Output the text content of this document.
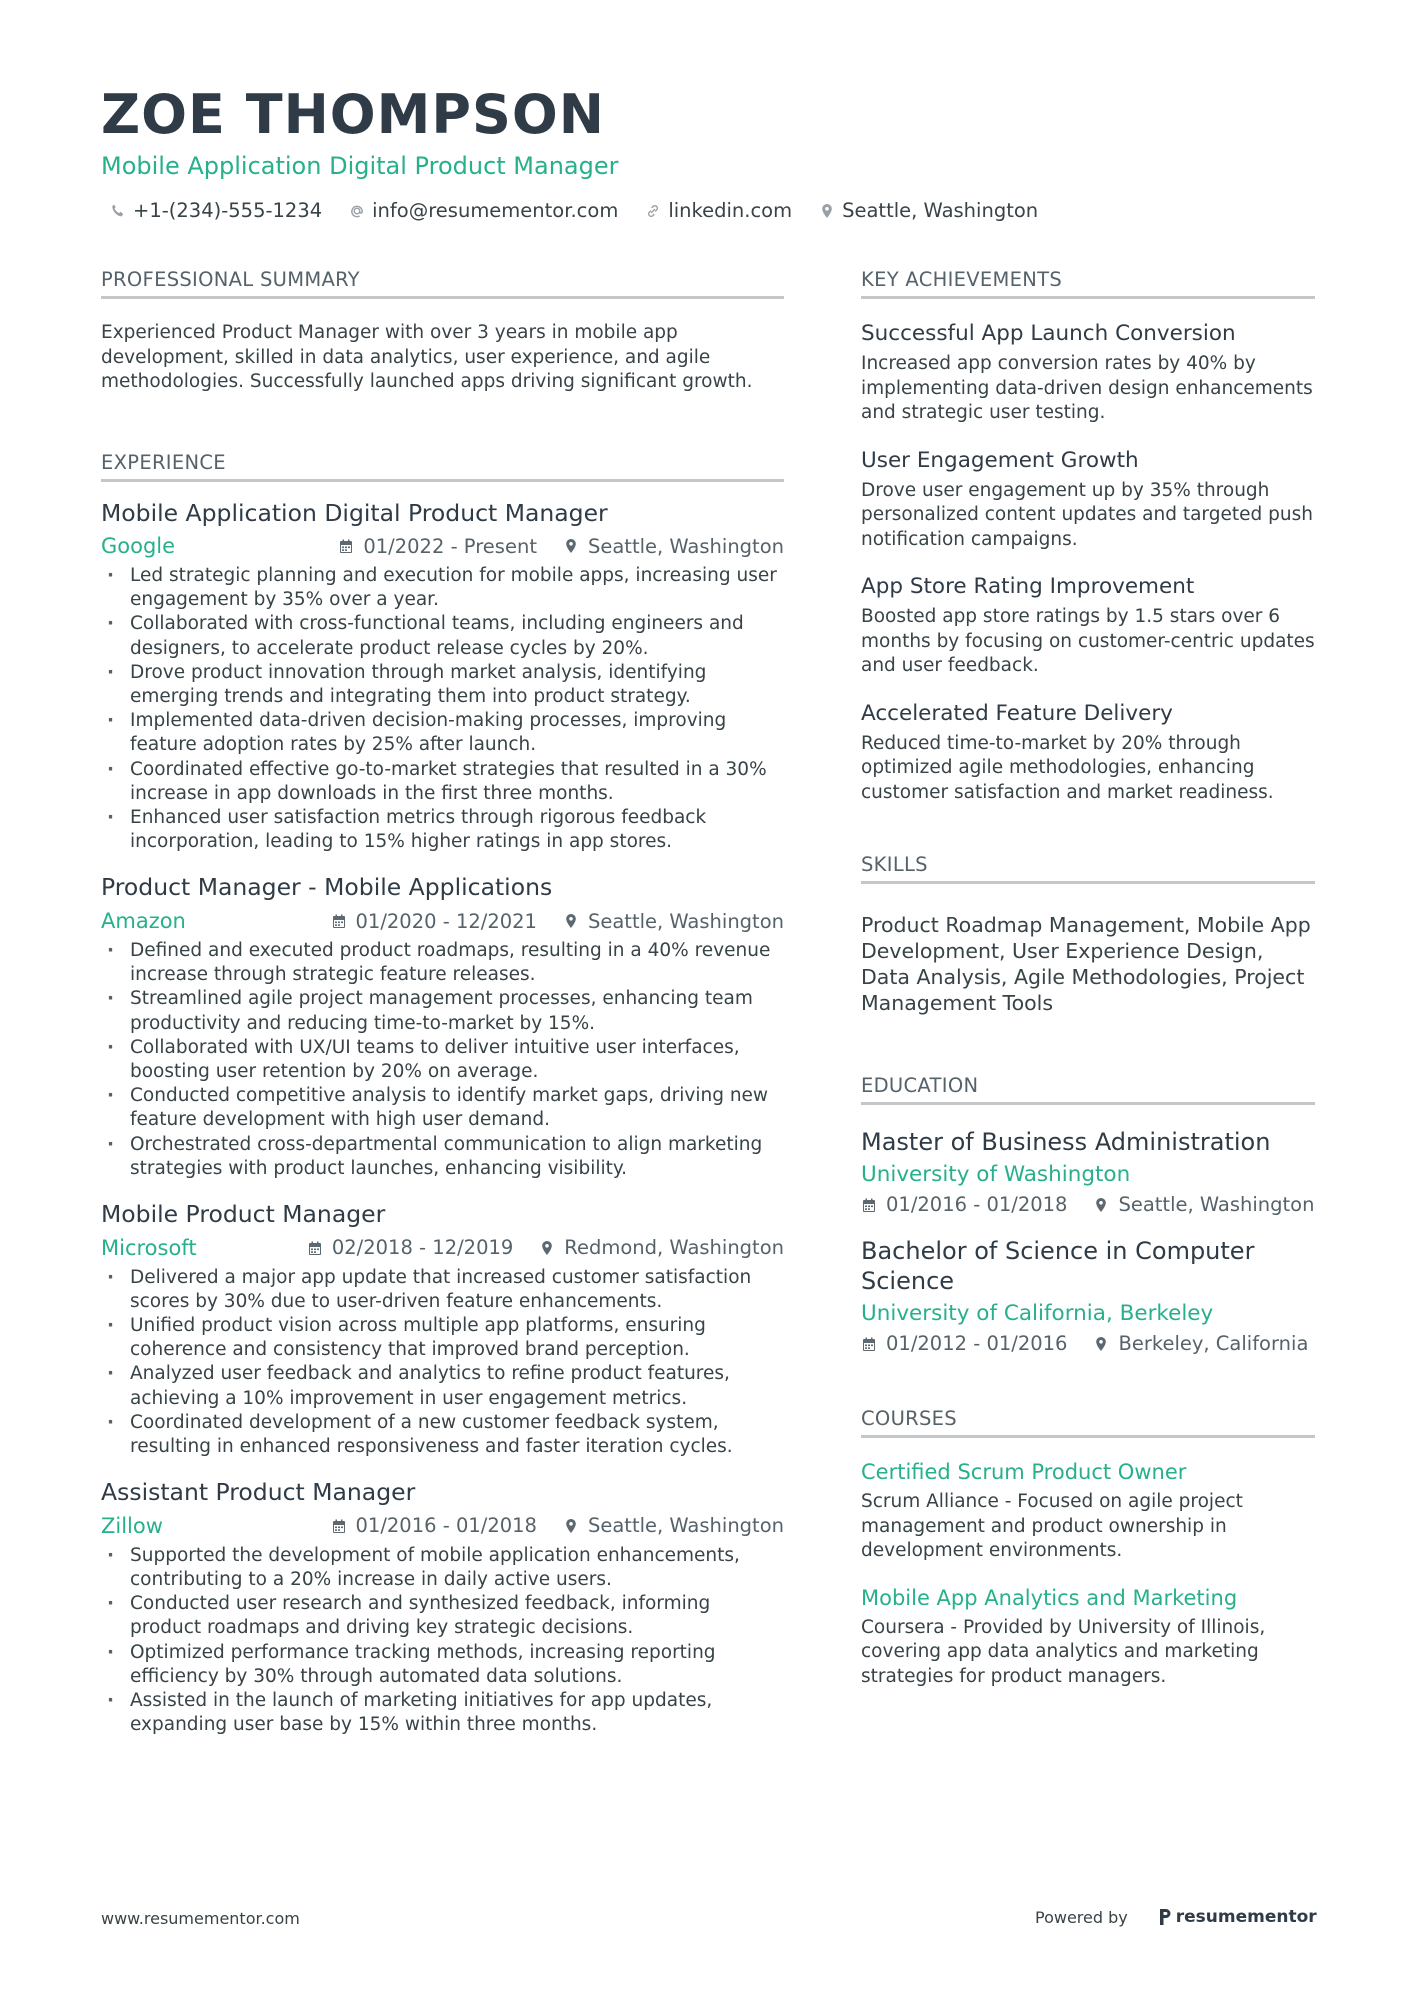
ZOE THOMPSON
Mobile Application Digital Product Manager
+1-(234)-555-1234	info@resumementor.com	linkedin.com	Seattle, Washington
PROFESSIONAL SUMMARY

Experienced Product Manager with over 3 years in mobile app development, skilled in data analytics, user experience, and agile methodologies. Successfully launched apps driving significant growth.

EXPERIENCE
Mobile Application Digital Product Manager
Google	01/2022 - Present	Seattle, Washington
· Led strategic planning and execution for mobile apps, increasing user engagement by 35% over a year.
· Collaborated with cross-functional teams, including engineers and designers, to accelerate product release cycles by 20%.
· Drove product innovation through market analysis, identifying emerging trends and integrating them into product strategy.
· Implemented data-driven decision-making processes, improving feature adoption rates by 25% after launch.
· Coordinated effective go-to-market strategies that resulted in a 30% increase in app downloads in the first three months.
· Enhanced user satisfaction metrics through rigorous feedback incorporation, leading to 15% higher ratings in app stores.
Product Manager - Mobile Applications
Amazon	01/2020 - 12/2021	Seattle, Washington
· Defined and executed product roadmaps, resulting in a 40% revenue increase through strategic feature releases.
· Streamlined agile project management processes, enhancing team productivity and reducing time-to-market by 15%.
· Collaborated with UX/UI teams to deliver intuitive user interfaces, boosting user retention by 20% on average.
· Conducted competitive analysis to identify market gaps, driving new feature development with high user demand.
· Orchestrated cross-departmental communication to align marketing strategies with product launches, enhancing visibility.
Mobile Product Manager
Microsoft	02/2018 - 12/2019	Redmond, Washington
· Delivered a major app update that increased customer satisfaction scores by 30% due to user-driven feature enhancements.
· Unified product vision across multiple app platforms, ensuring coherence and consistency that improved brand perception.
· Analyzed user feedback and analytics to refine product features, achieving a 10% improvement in user engagement metrics.
· Coordinated development of a new customer feedback system, resulting in enhanced responsiveness and faster iteration cycles.
Assistant Product Manager
Zillow	01/2016 - 01/2018	Seattle, Washington
· Supported the development of mobile application enhancements, contributing to a 20% increase in daily active users.
· Conducted user research and synthesized feedback, informing product roadmaps and driving key strategic decisions.
· Optimized performance tracking methods, increasing reporting efficiency by 30% through automated data solutions.
· Assisted in the launch of marketing initiatives for app updates, expanding user base by 15% within three months.
KEY ACHIEVEMENTS
Successful App Launch Conversion

Increased app conversion rates by 40% by implementing data-driven design enhancements and strategic user testing.

User Engagement Growth

Drove user engagement up by 35% through personalized content updates and targeted push notification campaigns.

App Store Rating Improvement

Boosted app store ratings by 1.5 stars over 6 months by focusing on customer-centric updates and user feedback.

Accelerated Feature Delivery

Reduced time-to-market by 20% through optimized agile methodologies, enhancing customer satisfaction and market readiness.

SKILLS

Product Roadmap Management, Mobile App Development, User Experience Design, Data Analysis, Agile Methodologies, Project Management Tools

EDUCATION
Master of Business Administration
University of Washington
01/2016 - 01/2018	Seattle, Washington
Bachelor of Science in Computer Science
University of California, Berkeley
01/2012 - 01/2016	Berkeley, California
COURSES
Certified Scrum Product Owner

Scrum Alliance - Focused on agile project management and product ownership in development environments.

Mobile App Analytics and Marketing

Coursera - Provided by University of Illinois, covering app data analytics and marketing strategies for product managers.

www.resumementor.com	Powered by	resumementor
